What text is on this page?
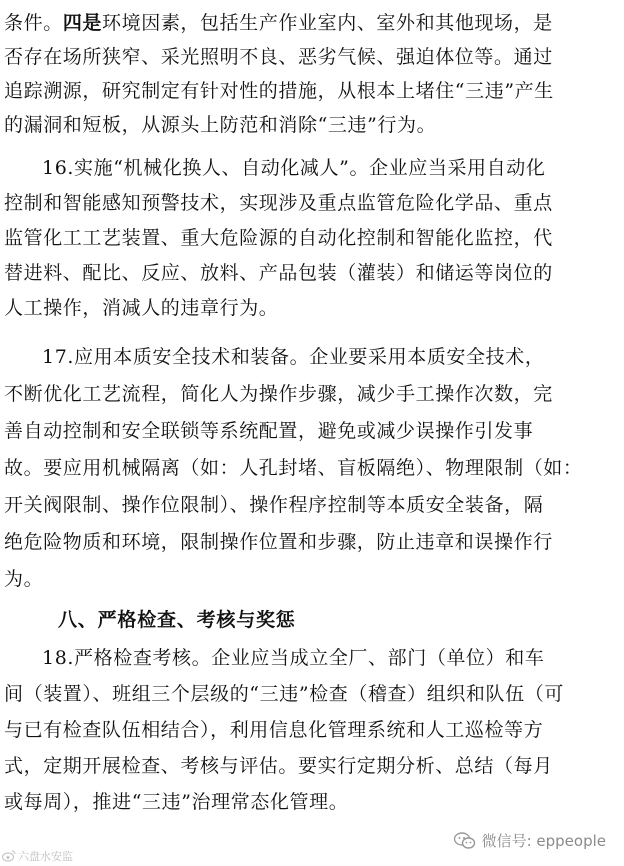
条件。四是环境因素，包括生产作业室内、室外和其他现场，是
否存在场所狭窄、采光照明不良、恶劣气候、强迫体位等。通过
追踪溯源，研究制定有针对性的措施，从根本上堵住“三违”产生
的漏洞和短板，从源头上防范和消除“三违”行为。
16.实施“机械化换人、自动化减人”。企业应当采用自动化
控制和智能感知预警技术，实现涉及重点监管危险化学品、重点
监管化工工艺装置、重大危险源的自动化控制和智能化监控，代
替进料、配比、反应、放料、产品包装（灌装）和储运等岗位的
人工操作，消减人的违章行为。
17.应用本质安全技术和装备。企业要采用本质安全技术，
不断优化工艺流程，简化人为操作步骤，减少手工操作次数，完
善自动控制和安全联锁等系统配置，避免或减少误操作引发事
故。要应用机械隔离（如：人孔封堵、盲板隔绝）、物理限制（如：
开关阀限制、操作位限制）、操作程序控制等本质安全装备，隔
绝危险物质和环境，限制操作位置和步骤，防止违章和误操作行
为。
八、严格检查、考核与奖惩
18.严格检查考核。企业应当成立全厂、部门（单位）和车
间（装置）、班组三个层级的“三违”检查（稽查）组织和队伍（可
与已有检查队伍相结合），利用信息化管理系统和人工巡检等方
式，定期开展检查、考核与评估。要实行定期分析、总结（每月
或每周），推进“三违”治理常态化管理。
微信号: eppeople
六盘水安监
